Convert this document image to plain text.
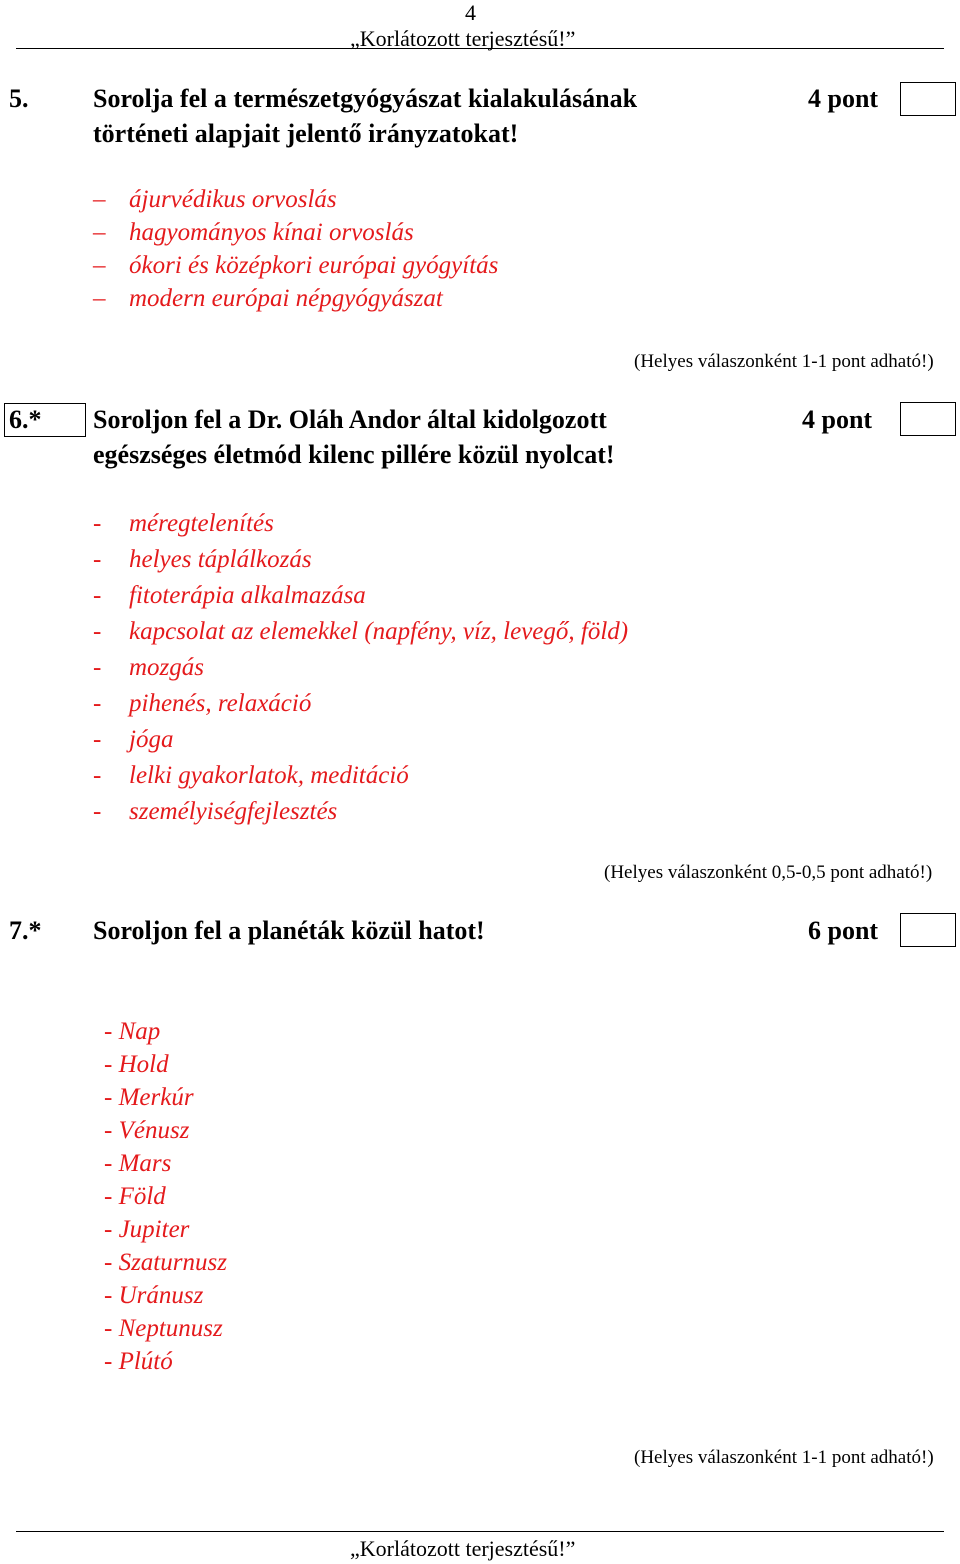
4
„Korlátozott terjesztésű!”
5. Sorolja fel a természetgyógyászat kialakulásának
történeti alapjait jelentő irányzatokat!
4 pont
– ájurvédikus orvoslás
– hagyományos kínai orvoslás
– ókori és középkori európai gyógyítás
– modern európai népgyógyászat
(Helyes válaszonként 1-1 pont adható!)
6.* Soroljon fel a Dr. Oláh Andor által kidolgozott
egészséges életmód kilenc pillére közül nyolcat!
4 pont
- méregtelenítés
- helyes táplálkozás
- fitoterápia alkalmazása
- kapcsolat az elemekkel (napfény, víz, levegő, föld)
- mozgás
- pihenés, relaxáció
- jóga
- lelki gyakorlatok, meditáció
- személyiségfejlesztés
(Helyes válaszonként 0,5-0,5 pont adható!)
7.* Soroljon fel a planéták közül hatot!	6 pont
- Nap
- Hold
- Merkúr
- Vénusz
- Mars
- Föld
- Jupiter
- Szaturnusz
- Uránusz
- Neptunusz
- Plútó
(Helyes válaszonként 1-1 pont adható!)
„Korlátozott terjesztésű!”
